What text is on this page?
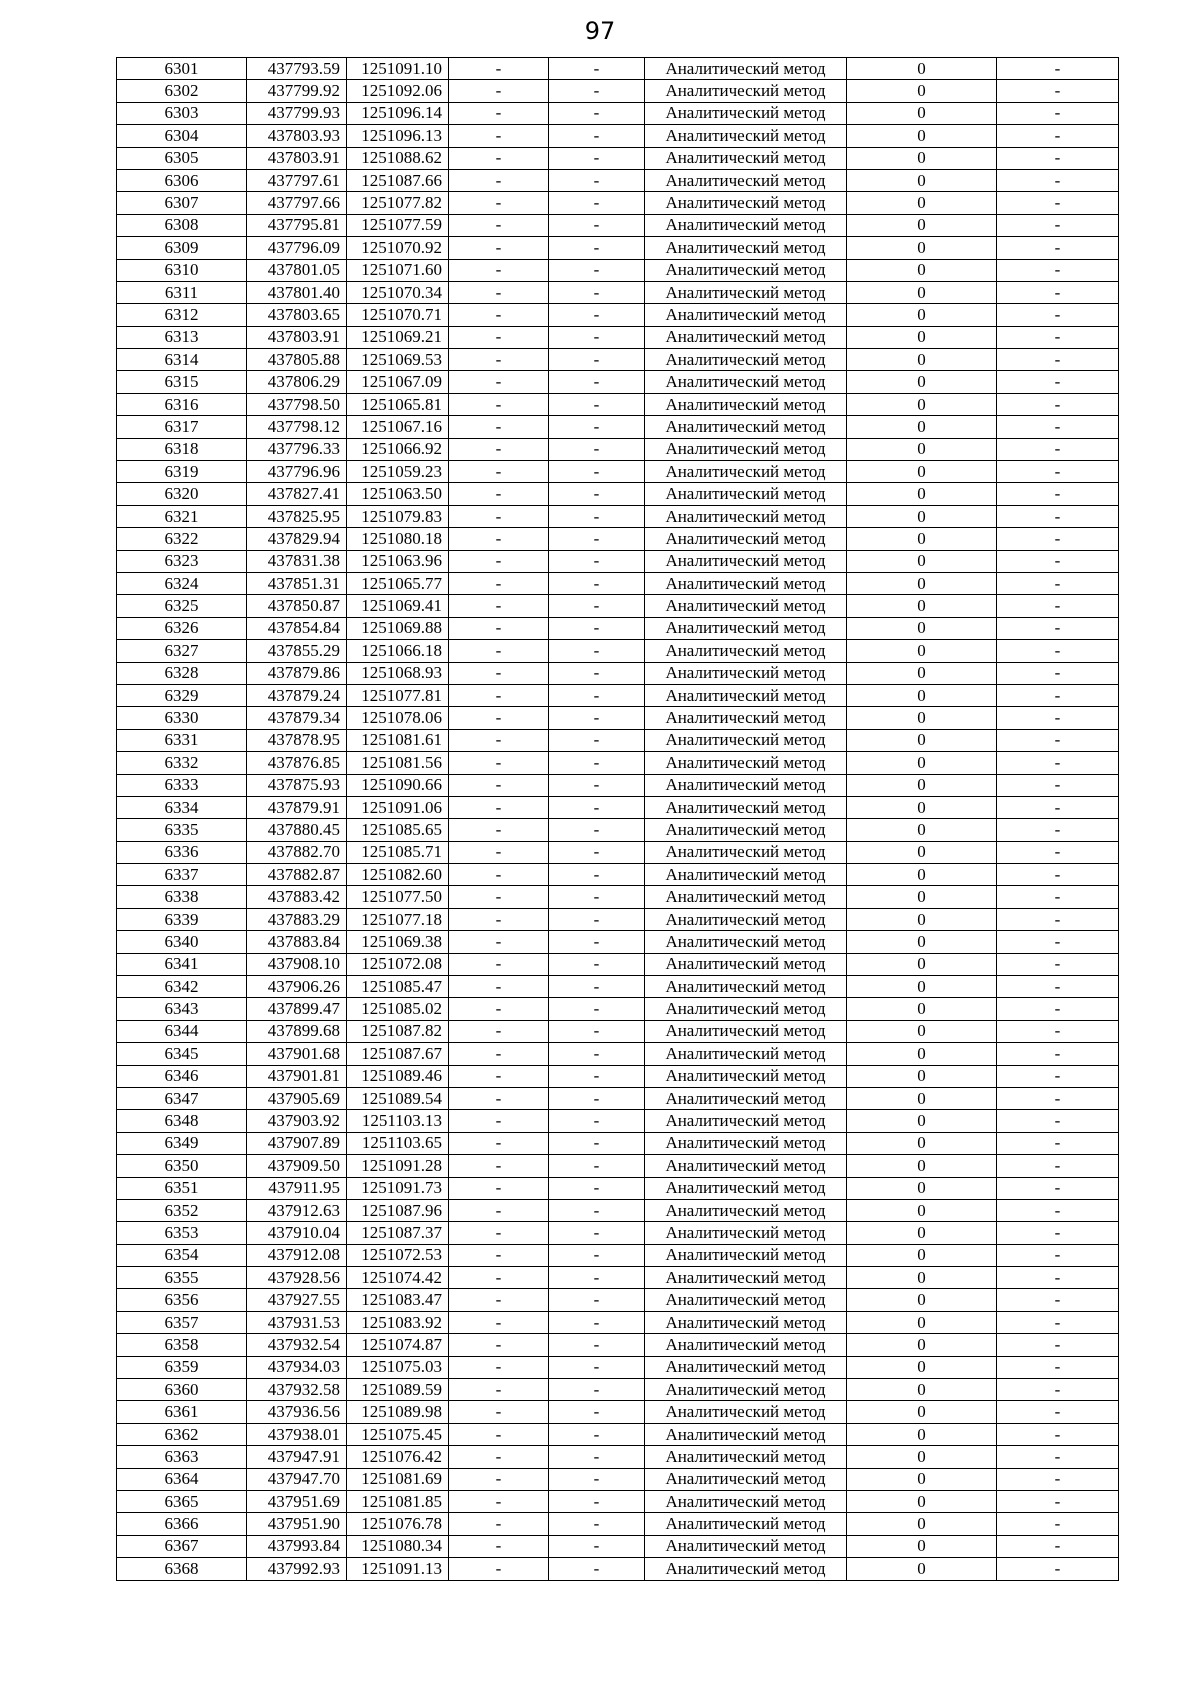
97
6301	437793.59	1251091.10	-	-	Аналитический метод	0	-
6302	437799.92	1251092.06	-	-	Аналитический метод	0	-
6303	437799.93	1251096.14	-	-	Аналитический метод	0	-
6304	437803.93	1251096.13	-	-	Аналитический метод	0	-
6305	437803.91	1251088.62	-	-	Аналитический метод	0	-
6306	437797.61	1251087.66	-	-	Аналитический метод	0	-
6307	437797.66	1251077.82	-	-	Аналитический метод	0	-
6308	437795.81	1251077.59	-	-	Аналитический метод	0	-
6309	437796.09	1251070.92	-	-	Аналитический метод	0	-
6310	437801.05	1251071.60	-	-	Аналитический метод	0	-
6311	437801.40	1251070.34	-	-	Аналитический метод	0	-
6312	437803.65	1251070.71	-	-	Аналитический метод	0	-
6313	437803.91	1251069.21	-	-	Аналитический метод	0	-
6314	437805.88	1251069.53	-	-	Аналитический метод	0	-
6315	437806.29	1251067.09	-	-	Аналитический метод	0	-
6316	437798.50	1251065.81	-	-	Аналитический метод	0	-
6317	437798.12	1251067.16	-	-	Аналитический метод	0	-
6318	437796.33	1251066.92	-	-	Аналитический метод	0	-
6319	437796.96	1251059.23	-	-	Аналитический метод	0	-
6320	437827.41	1251063.50	-	-	Аналитический метод	0	-
6321	437825.95	1251079.83	-	-	Аналитический метод	0	-
6322	437829.94	1251080.18	-	-	Аналитический метод	0	-
6323	437831.38	1251063.96	-	-	Аналитический метод	0	-
6324	437851.31	1251065.77	-	-	Аналитический метод	0	-
6325	437850.87	1251069.41	-	-	Аналитический метод	0	-
6326	437854.84	1251069.88	-	-	Аналитический метод	0	-
6327	437855.29	1251066.18	-	-	Аналитический метод	0	-
6328	437879.86	1251068.93	-	-	Аналитический метод	0	-
6329	437879.24	1251077.81	-	-	Аналитический метод	0	-
6330	437879.34	1251078.06	-	-	Аналитический метод	0	-
6331	437878.95	1251081.61	-	-	Аналитический метод	0	-
6332	437876.85	1251081.56	-	-	Аналитический метод	0	-
6333	437875.93	1251090.66	-	-	Аналитический метод	0	-
6334	437879.91	1251091.06	-	-	Аналитический метод	0	-
6335	437880.45	1251085.65	-	-	Аналитический метод	0	-
6336	437882.70	1251085.71	-	-	Аналитический метод	0	-
6337	437882.87	1251082.60	-	-	Аналитический метод	0	-
6338	437883.42	1251077.50	-	-	Аналитический метод	0	-
6339	437883.29	1251077.18	-	-	Аналитический метод	0	-
6340	437883.84	1251069.38	-	-	Аналитический метод	0	-
6341	437908.10	1251072.08	-	-	Аналитический метод	0	-
6342	437906.26	1251085.47	-	-	Аналитический метод	0	-
6343	437899.47	1251085.02	-	-	Аналитический метод	0	-
6344	437899.68	1251087.82	-	-	Аналитический метод	0	-
6345	437901.68	1251087.67	-	-	Аналитический метод	0	-
6346	437901.81	1251089.46	-	-	Аналитический метод	0	-
6347	437905.69	1251089.54	-	-	Аналитический метод	0	-
6348	437903.92	1251103.13	-	-	Аналитический метод	0	-
6349	437907.89	1251103.65	-	-	Аналитический метод	0	-
6350	437909.50	1251091.28	-	-	Аналитический метод	0	-
6351	437911.95	1251091.73	-	-	Аналитический метод	0	-
6352	437912.63	1251087.96	-	-	Аналитический метод	0	-
6353	437910.04	1251087.37	-	-	Аналитический метод	0	-
6354	437912.08	1251072.53	-	-	Аналитический метод	0	-
6355	437928.56	1251074.42	-	-	Аналитический метод	0	-
6356	437927.55	1251083.47	-	-	Аналитический метод	0	-
6357	437931.53	1251083.92	-	-	Аналитический метод	0	-
6358	437932.54	1251074.87	-	-	Аналитический метод	0	-
6359	437934.03	1251075.03	-	-	Аналитический метод	0	-
6360	437932.58	1251089.59	-	-	Аналитический метод	0	-
6361	437936.56	1251089.98	-	-	Аналитический метод	0	-
6362	437938.01	1251075.45	-	-	Аналитический метод	0	-
6363	437947.91	1251076.42	-	-	Аналитический метод	0	-
6364	437947.70	1251081.69	-	-	Аналитический метод	0	-
6365	437951.69	1251081.85	-	-	Аналитический метод	0	-
6366	437951.90	1251076.78	-	-	Аналитический метод	0	-
6367	437993.84	1251080.34	-	-	Аналитический метод	0	-
6368	437992.93	1251091.13	-	-	Аналитический метод	0	-
